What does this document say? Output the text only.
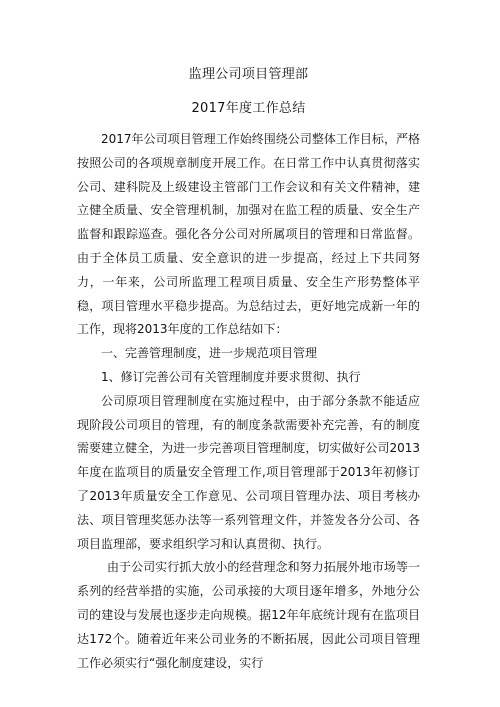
监理公司项目管理部
2017年度工作总结

2017年公司项目管理工作始终围绕公司整体工作目标，严格按照公司的各项规章制度开展工作。在日常工作中认真贯彻落实公司、建科院及上级建设主管部门工作会议和有关文件精神，建立健全质量、安全管理机制，加强对在监工程的质量、安全生产监督和跟踪巡查。强化各分公司对所属项目的管理和日常监督。由于全体员工质量、安全意识的进一步提高，经过上下共同努力，一年来，公司所监理工程项目质量、安全生产形势整体平稳，项目管理水平稳步提高。为总结过去，更好地完成新一年的工作，现将2013年度的工作总结如下：

一、完善管理制度，进一步规范项目管理

1、修订完善公司有关管理制度并要求贯彻、执行

公司原项目管理制度在实施过程中，由于部分条款不能适应现阶段公司项目的管理，有的制度条款需要补充完善，有的制度需要建立健全，为进一步完善项目管理制度，切实做好公司2013年度在监项目的质量安全管理工作,项目管理部于2013年初修订了2013年质量安全工作意见、公司项目管理办法、项目考核办法、项目管理奖惩办法等一系列管理文件，并签发各分公司、各项目监理部，要求组织学习和认真贯彻、执行。

由于公司实行抓大放小的经营理念和努力拓展外地市场等一系列的经营举措的实施，公司承接的大项目逐年增多，外地分公司的建设与发展也逐步走向规模。据12年年底统计现有在监项目达172个。随着近年来公司业务的不断拓展，因此公司项目管理工作必须实行“强化制度建设，实行
